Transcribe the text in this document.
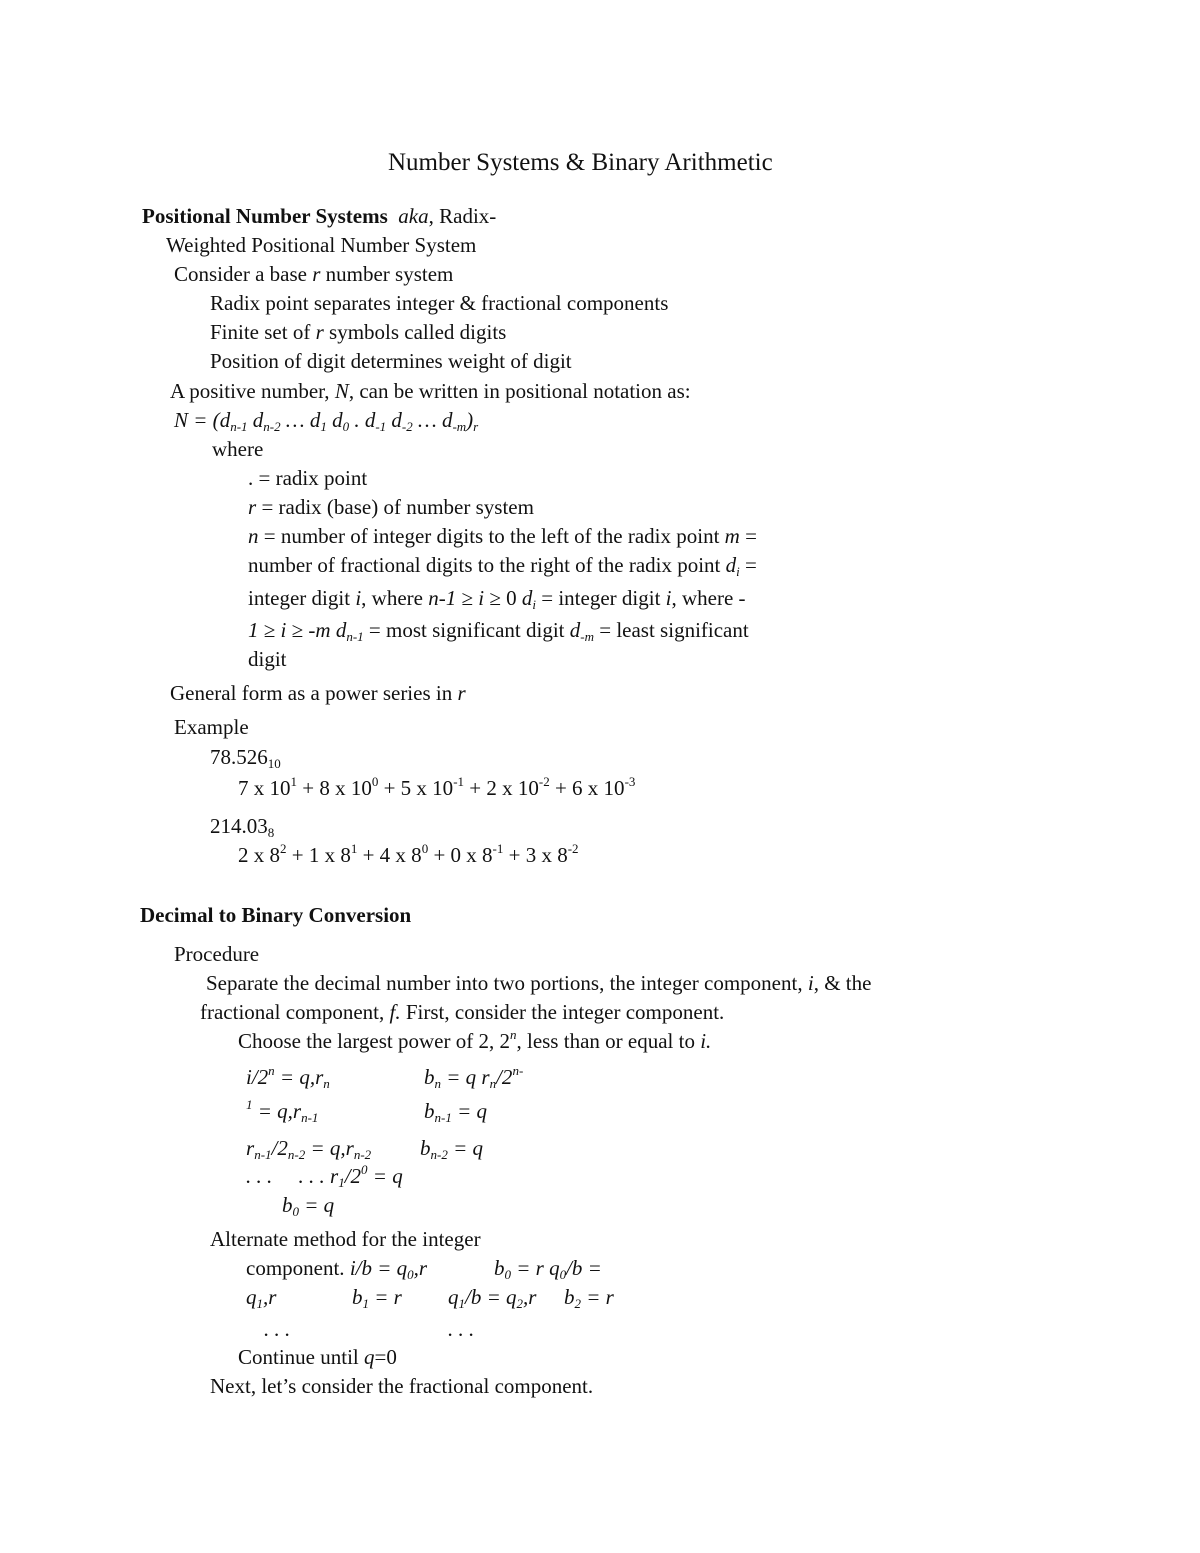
Number Systems & Binary Arithmetic
Positional Number Systems aka, Radix-
Weighted Positional Number System
Consider a base r number system
Radix point separates integer & fractional components
Finite set of r symbols called digits
Position of digit determines weight of digit
A positive number, N, can be written in positional notation as:
$N = (d_{n-1}$ $d_{n-2}$ … $d_1$ $d_0$ . $d_{-1}$ $d_{-2}$ … $d_{-m})_r$
where
. = radix point
r = radix (base) of number system
n = number of integer digits to the left of the radix point m =
number of fractional digits to the right of the radix point $d_i$ =
integer digit i, where n-1 ≥ i ≥ 0 $d_i$ = integer digit i, where -
1 ≥ i ≥ -m $d_{n-1}$ = most significant digit $d_{-m}$ = least significant
digit
General form as a power series in r
Example
$78.526_{10}$
7 x $10^1 + 8$ x $10^0 + 5$ x $10^{-1} + 2$ x $10^{-2} + 6$ x $10^{-3}$
$214.03_8$
2 x $8^2 + 1$ x $8^1 + 4$ x $8^0 + 0$ x $8^{-1} + 3$ x $8^{-2}$
Decimal to Binary Conversion
Procedure
Separate the decimal number into two portions, the integer component, i, & the
fractional component, f. First, consider the integer component.
Choose the largest power of 2, 2$^n$, less than or equal to i.
$i/2^n = q,r_n$	$b_n = q$ $r_n/2^{n-}$
$^1 = q,r_{n-1}$	$b_{n-1} = q$
$r_{n-1}/2_{n-2} = q,r_{n-2}$ $b_{n-2} = q$
. . . . . . $r_1/2^0 = q$
$b_0 = q$
Alternate method for the integer
component. $i/b = q_0,r$	$b_0 = r$ $q_0/b$ =
$q_1,r$	$b_1 = r$ $q_1/b = q_2,r$ $b_2 = r$
. . .	. . .
Continue until q=0
Next, let’s consider the fractional component.
